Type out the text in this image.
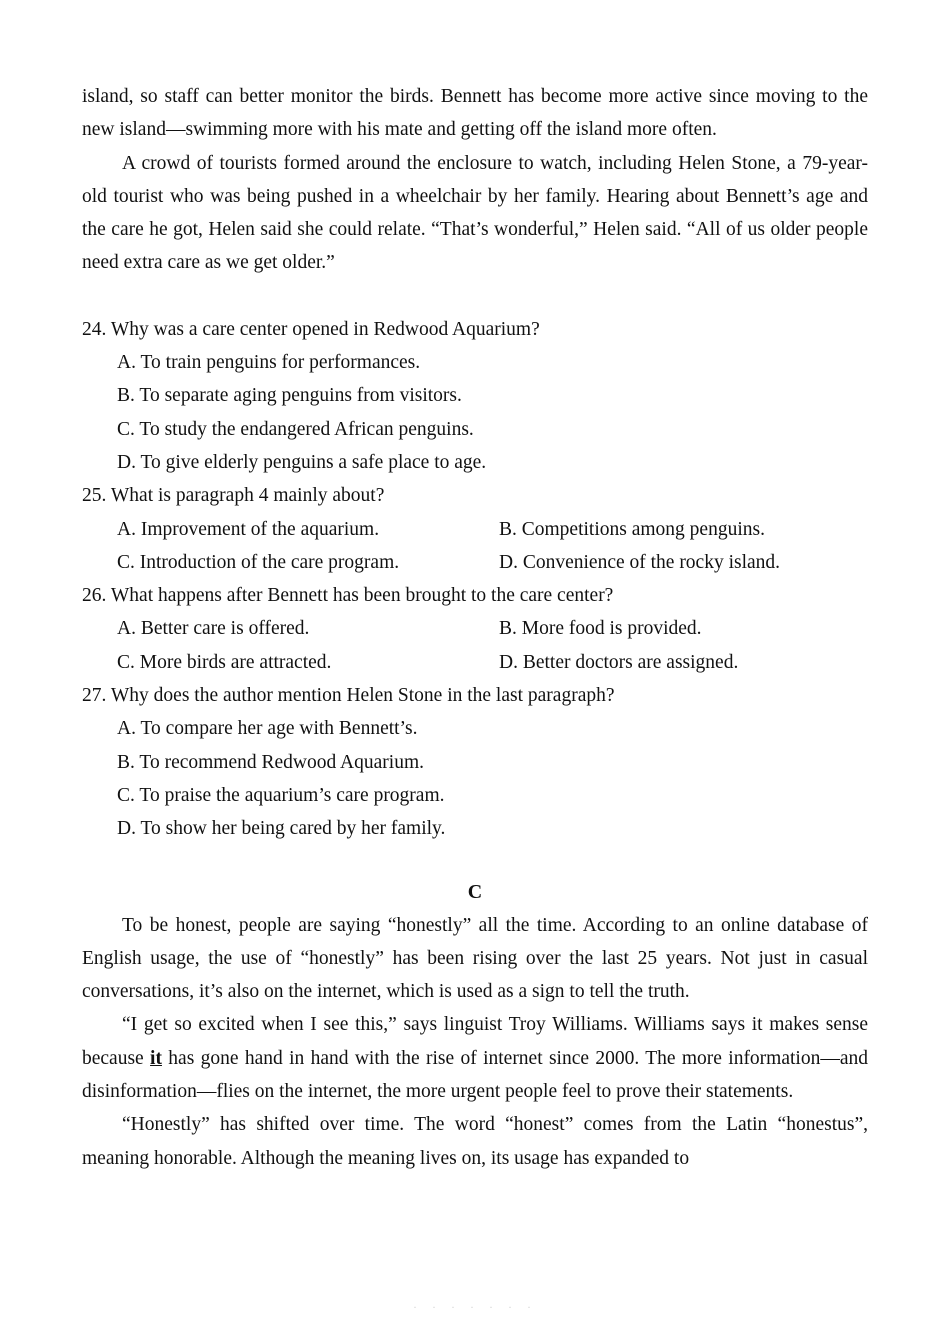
island, so staff can better monitor the birds. Bennett has become more active since moving to the new island—swimming more with his mate and getting off the island more often.

A crowd of tourists formed around the enclosure to watch, including Helen Stone, a 79-year-old tourist who was being pushed in a wheelchair by her family. Hearing about Bennett’s age and the care he got, Helen said she could relate. “That’s wonderful,” Helen said. “All of us older people need extra care as we get older.”

24. Why was a care center opened in Redwood Aquarium?
A. To train penguins for performances.
B. To separate aging penguins from visitors.
C. To study the endangered African penguins.
D. To give elderly penguins a safe place to age.
25. What is paragraph 4 mainly about?
A. Improvement of the aquarium.	B. Competitions among penguins.
C. Introduction of the care program.	D. Convenience of the rocky island.
26. What happens after Bennett has been brought to the care center?
A. Better care is offered.	B. More food is provided.
C. More birds are attracted.	D. Better doctors are assigned.
27. Why does the author mention Helen Stone in the last paragraph?
A. To compare her age with Bennett’s.
B. To recommend Redwood Aquarium.
C. To praise the aquarium’s care program.
D. To show her being cared by her family.
C

To be honest, people are saying “honestly” all the time. According to an online database of English usage, the use of “honestly” has been rising over the last 25 years. Not just in casual conversations, it’s also on the internet, which is used as a sign to tell the truth.

“I get so excited when I see this,” says linguist Troy Williams. Williams says it makes sense because it has gone hand in hand with the rise of internet since 2000. The more information—and disinformation—flies on the internet, the more urgent people feel to prove their statements.

“Honestly” has shifted over time. The word “honest” comes from the Latin “honestus”, meaning honorable. Although the meaning lives on, its usage has expanded to

· · · · · · ·
